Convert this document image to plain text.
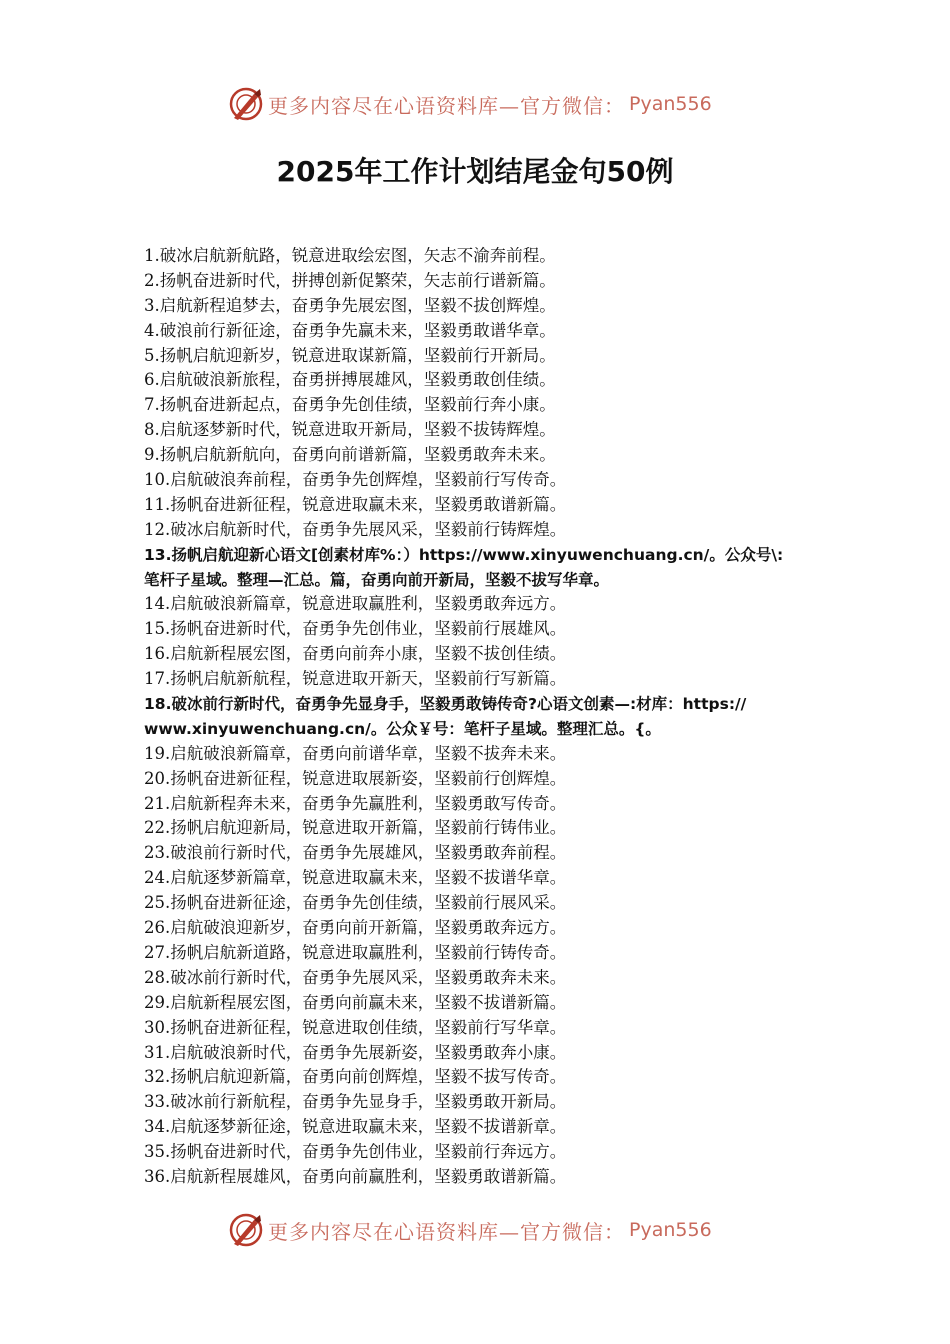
更多内容尽在心语资料库—官方微信： Pyan556
2025年工作计划结尾金句50例
1.破冰启航新航路，锐意进取绘宏图，矢志不渝奔前程。
2.扬帆奋进新时代，拼搏创新促繁荣，矢志前行谱新篇。
3.启航新程追梦去，奋勇争先展宏图，坚毅不拔创辉煌。
4.破浪前行新征途，奋勇争先赢未来，坚毅勇敢谱华章。
5.扬帆启航迎新岁，锐意进取谋新篇，坚毅前行开新局。
6.启航破浪新旅程，奋勇拼搏展雄风，坚毅勇敢创佳绩。
7.扬帆奋进新起点，奋勇争先创佳绩，坚毅前行奔小康。
8.启航逐梦新时代，锐意进取开新局，坚毅不拔铸辉煌。
9.扬帆启航新航向，奋勇向前谱新篇，坚毅勇敢奔未来。
10.启航破浪奔前程，奋勇争先创辉煌，坚毅前行写传奇。
11.扬帆奋进新征程，锐意进取赢未来，坚毅勇敢谱新篇。
12.破冰启航新时代，奋勇争先展风采，坚毅前行铸辉煌。
13.扬帆启航迎新心语文[创素材库%：）https://www.xinyuwenchuang.cn/。公众号\:
笔杆子星域。整理—汇总。篇，奋勇向前开新局，坚毅不拔写华章。
14.启航破浪新篇章，锐意进取赢胜利，坚毅勇敢奔远方。
15.扬帆奋进新时代，奋勇争先创伟业，坚毅前行展雄风。
16.启航新程展宏图，奋勇向前奔小康，坚毅不拔创佳绩。
17.扬帆启航新航程，锐意进取开新天，坚毅前行写新篇。
18.破冰前行新时代，奋勇争先显身手，坚毅勇敢铸传奇?心语文创素—:材库：https://
www.xinyuwenchuang.cn/。公众￥号：笔杆子星域。整理汇总。{。
19.启航破浪新篇章，奋勇向前谱华章，坚毅不拔奔未来。
20.扬帆奋进新征程，锐意进取展新姿，坚毅前行创辉煌。
21.启航新程奔未来，奋勇争先赢胜利，坚毅勇敢写传奇。
22.扬帆启航迎新局，锐意进取开新篇，坚毅前行铸伟业。
23.破浪前行新时代，奋勇争先展雄风，坚毅勇敢奔前程。
24.启航逐梦新篇章，锐意进取赢未来，坚毅不拔谱华章。
25.扬帆奋进新征途，奋勇争先创佳绩，坚毅前行展风采。
26.启航破浪迎新岁，奋勇向前开新篇，坚毅勇敢奔远方。
27.扬帆启航新道路，锐意进取赢胜利，坚毅前行铸传奇。
28.破冰前行新时代，奋勇争先展风采，坚毅勇敢奔未来。
29.启航新程展宏图，奋勇向前赢未来，坚毅不拔谱新篇。
30.扬帆奋进新征程，锐意进取创佳绩，坚毅前行写华章。
31.启航破浪新时代，奋勇争先展新姿，坚毅勇敢奔小康。
32.扬帆启航迎新篇，奋勇向前创辉煌，坚毅不拔写传奇。
33.破冰前行新航程，奋勇争先显身手，坚毅勇敢开新局。
34.启航逐梦新征途，锐意进取赢未来，坚毅不拔谱新章。
35.扬帆奋进新时代，奋勇争先创伟业，坚毅前行奔远方。
36.启航新程展雄风，奋勇向前赢胜利，坚毅勇敢谱新篇。
更多内容尽在心语资料库—官方微信： Pyan556
